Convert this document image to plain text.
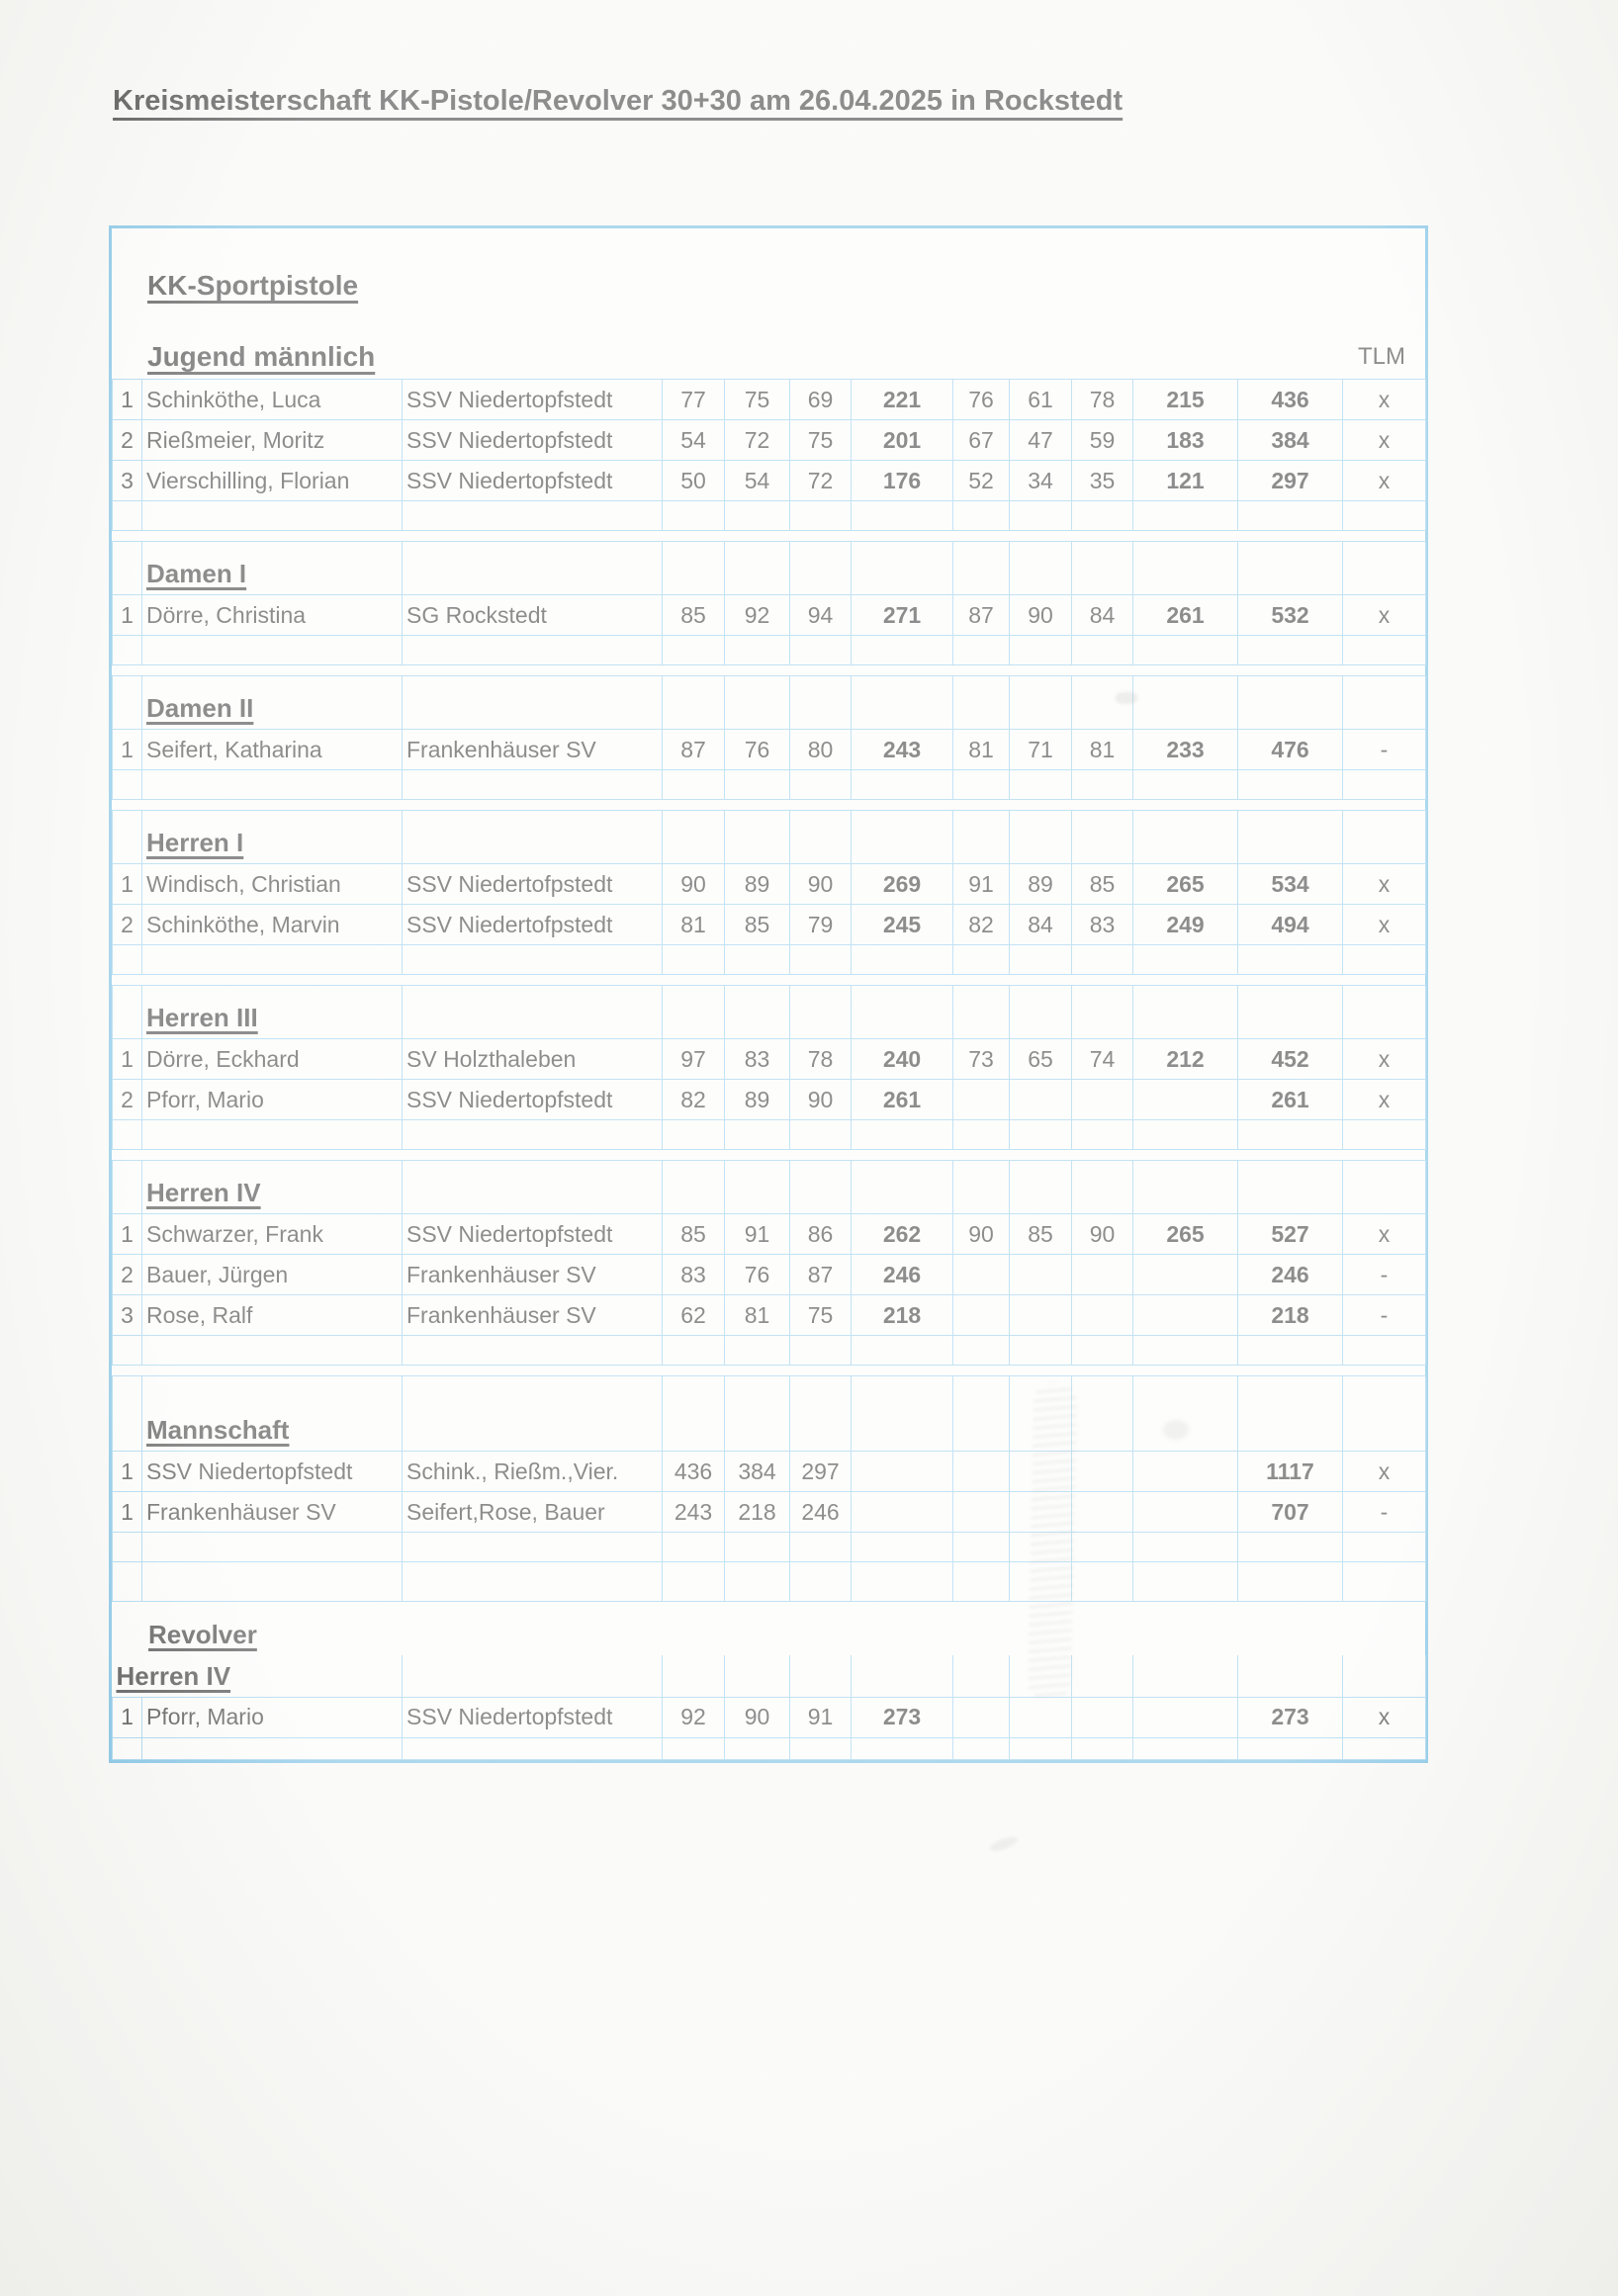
Kreismeisterschaft KK-Pistole/Revolver 30+30 am 26.04.2025 in Rockstedt
KK-Sportpistole
Jugend männlich	TLM
1	Schinköthe, Luca	SSV Niedertopfstedt	77	75	69	221	76	61	78	215	436	x
2	Rießmeier, Moritz	SSV Niedertopfstedt	54	72	75	201	67	47	59	183	384	x
3	Vierschilling, Florian	SSV Niedertopfstedt	50	54	72	176	52	34	35	121	297	x

	Damen I											
1	Dörre, Christina	SG Rockstedt	85	92	94	271	87	90	84	261	532	x

	Damen II											
1	Seifert, Katharina	Frankenhäuser SV	87	76	80	243	81	71	81	233	476	-

	Herren I											
1	Windisch, Christian	SSV Niedertofpstedt	90	89	90	269	91	89	85	265	534	x
2	Schinköthe, Marvin	SSV Niedertofpstedt	81	85	79	245	82	84	83	249	494	x

	Herren III											
1	Dörre, Eckhard	SV Holzthaleben	97	83	78	240	73	65	74	212	452	x
2	Pforr, Mario	SSV Niedertopfstedt	82	89	90	261					261	x

	Herren IV											
1	Schwarzer, Frank	SSV Niedertopfstedt	85	91	86	262	90	85	90	265	527	x
2	Bauer, Jürgen	Frankenhäuser SV	83	76	87	246					246	-
3	Rose, Ralf	Frankenhäuser SV	62	81	75	218					218	-

	Mannschaft											
1	SSV Niedertopfstedt	Schink., Rießm.,Vier.	436	384	297						1117	x
1	Frankenhäuser SV	Seifert,Rose, Bauer	243	218	246						707	-

Revolver
Herren IV												
1	Pforr, Mario	SSV Niedertopfstedt	92	90	91	273					273	x
